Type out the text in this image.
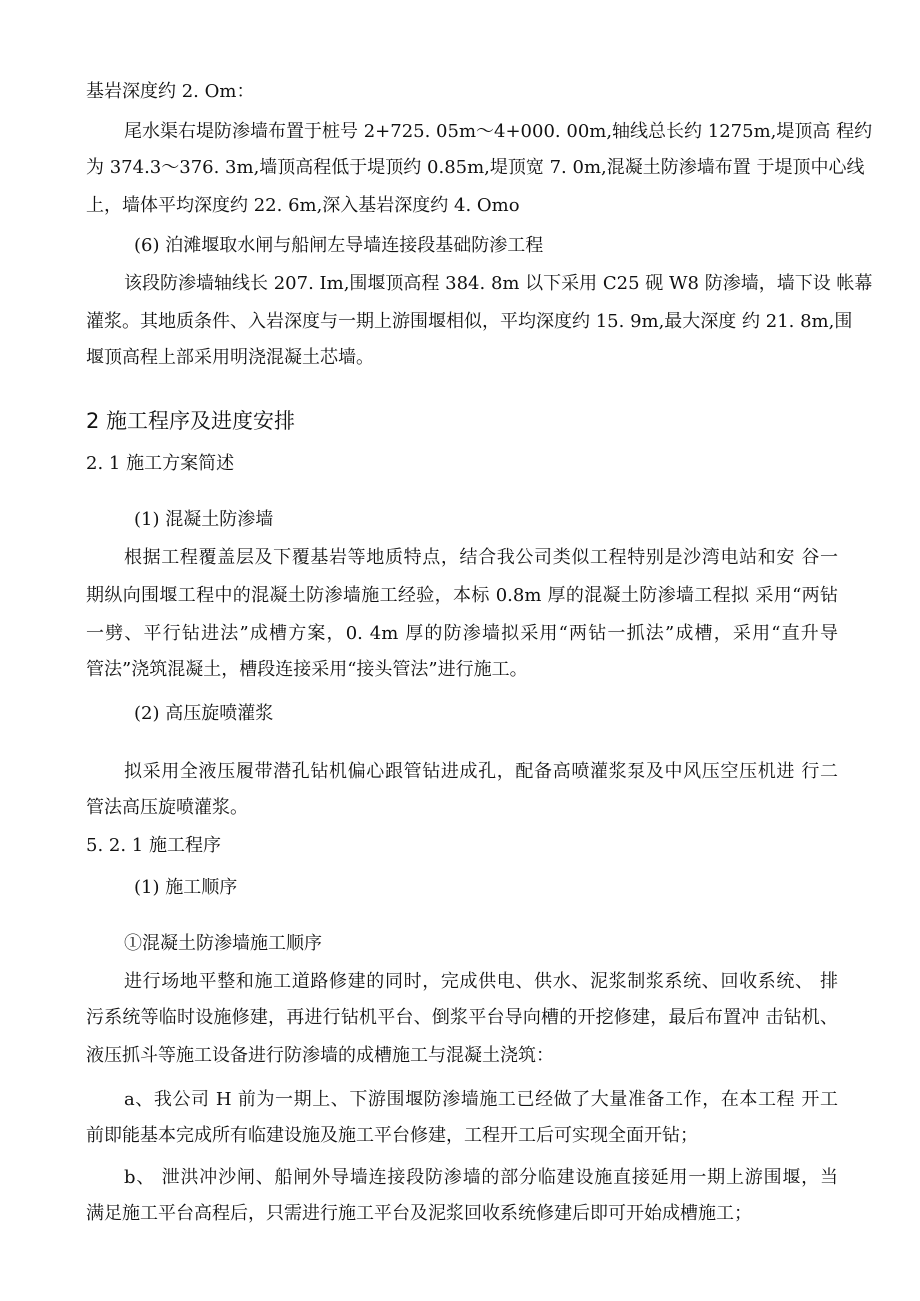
基岩深度约 2. Om：
尾水渠右堤防渗墙布置于桩号 2+725. 05m～4+000. 00m,轴线总长约 1275m,堤顶高 程约
为 374.3～376. 3m,墙顶高程低于堤顶约 0.85m,堤顶宽 7. 0m,混凝土防渗墙布置 于堤顶中心线
上，墙体平均深度约 22. 6m,深入基岩深度约 4. Omo
(6) 泊滩堰取水闸与船闸左导墙连接段基础防渗工程
该段防渗墙轴线长 207. Im,围堰顶高程 384. 8m 以下采用 C25 砚 W8 防渗墙，墙下设 帐幕
灌浆。其地质条件、入岩深度与一期上游围堰相似，平均深度约 15. 9m,最大深度 约 21. 8m,围
堰顶高程上部采用明浇混凝土芯墙。
2 施工程序及进度安排
2. 1 施工方案简述
(1) 混凝土防渗墙
根据工程覆盖层及下覆基岩等地质特点，结合我公司类似工程特别是沙湾电站和安 谷一
期纵向围堰工程中的混凝土防渗墙施工经验，本标 0.8m 厚的混凝土防渗墙工程拟 采用“两钻
一劈、平行钻进法”成槽方案，0. 4m 厚的防渗墙拟采用“两钻一抓法”成槽，采用“直升导
管法”浇筑混凝土，槽段连接采用“接头管法”进行施工。
(2) 高压旋喷灌浆
拟采用全液压履带潜孔钻机偏心跟管钻进成孔，配备高喷灌浆泵及中风压空压机进 行二
管法高压旋喷灌浆。
5. 2. 1 施工程序
(1) 施工顺序
①混凝土防渗墙施工顺序
进行场地平整和施工道路修建的同时，完成供电、供水、泥浆制浆系统、回收系统、 排
污系统等临时设施修建，再进行钻机平台、倒浆平台导向槽的开挖修建，最后布置冲 击钻机、
液压抓斗等施工设备进行防渗墙的成槽施工与混凝土浇筑：
a、我公司 H 前为一期上、下游围堰防渗墙施工已经做了大量准备工作，在本工程 开工
前即能基本完成所有临建设施及施工平台修建，工程开工后可实现全面开钻；
b、 泄洪冲沙闸、船闸外导墙连接段防渗墙的部分临建设施直接延用一期上游围堰，当
满足施工平台高程后，只需进行施工平台及泥浆回收系统修建后即可开始成槽施工；
